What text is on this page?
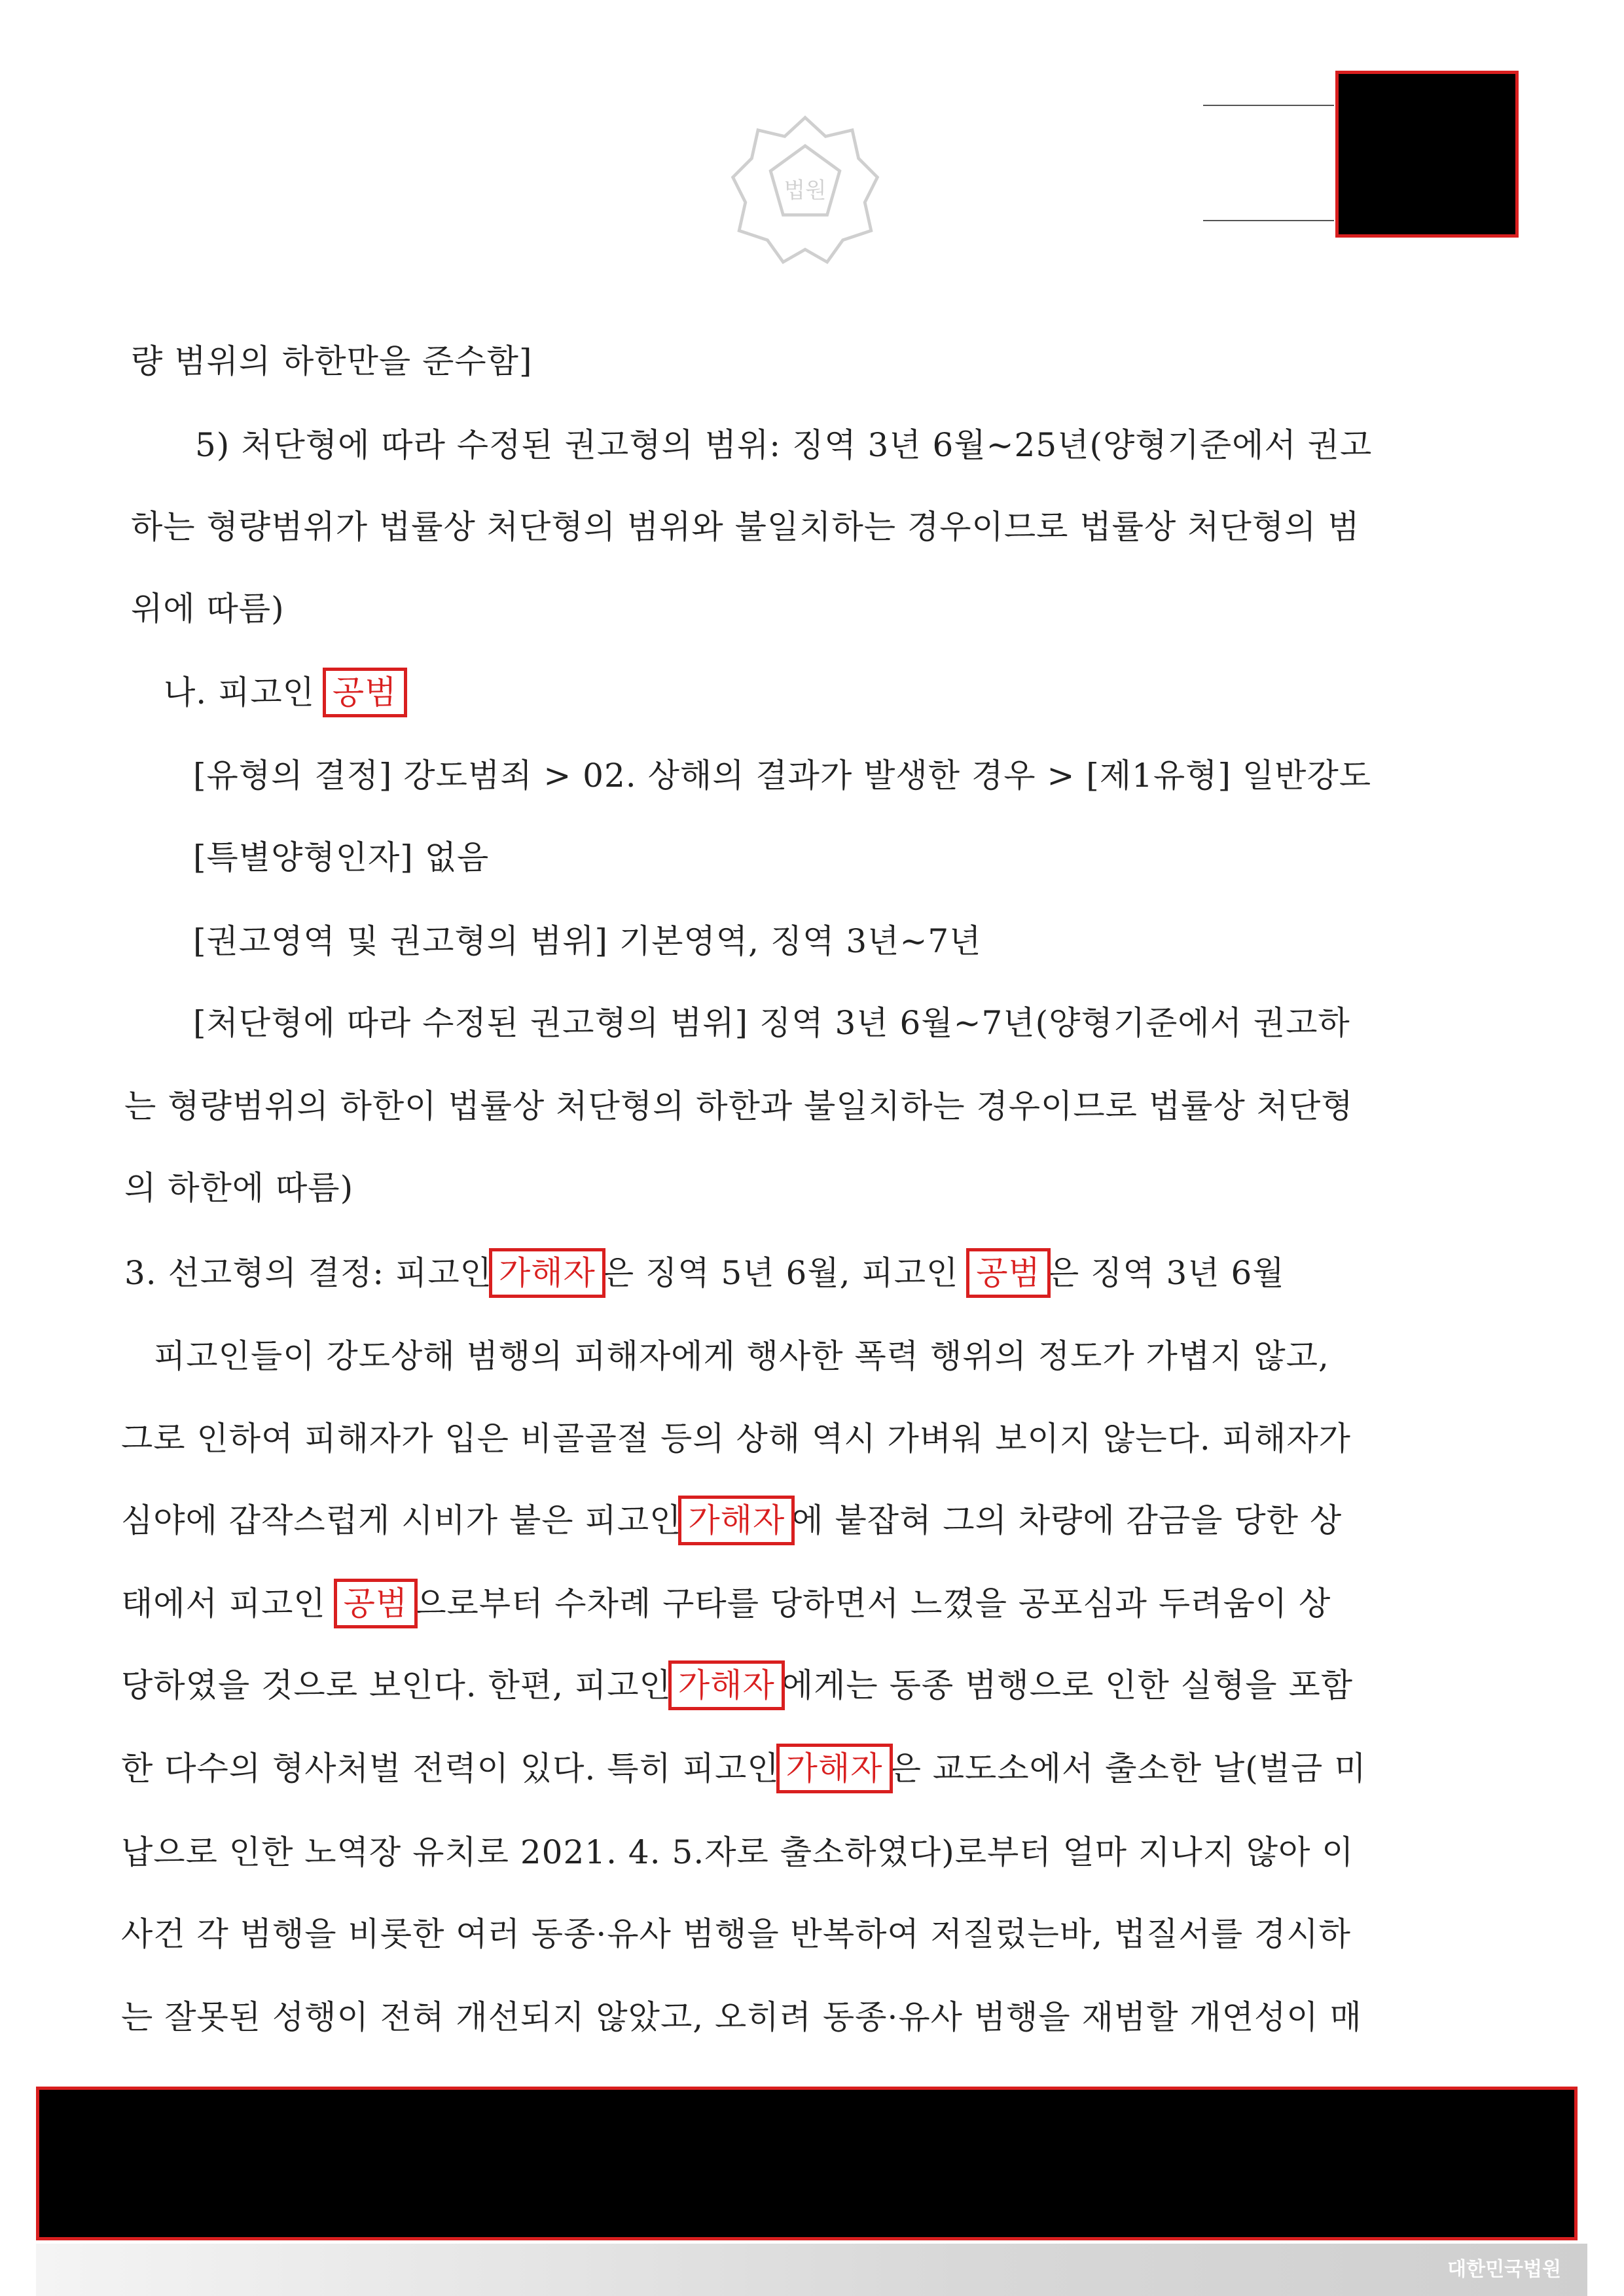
법원
량 범위의 하한만을 준수함]
5) 처단형에 따라 수정된 권고형의 범위: 징역 3년 6월~25년(양형기준에서 권고
하는 형량범위가 법률상 처단형의 범위와 불일치하는 경우이므로 법률상 처단형의 범
위에 따름)
나. 피고인 공범
[유형의 결정] 강도범죄 > 02. 상해의 결과가 발생한 경우 > [제1유형] 일반강도
[특별양형인자] 없음
[권고영역 및 권고형의 범위] 기본영역, 징역 3년~7년
[처단형에 따라 수정된 권고형의 범위] 징역 3년 6월~7년(양형기준에서 권고하
는 형량범위의 하한이 법률상 처단형의 하한과 불일치하는 경우이므로 법률상 처단형
의 하한에 따름)
3. 선고형의 결정: 피고인 가해자 은 징역 5년 6월, 피고인 공범 은 징역 3년 6월
피고인들이 강도상해 범행의 피해자에게 행사한 폭력 행위의 정도가 가볍지 않고,
그로 인하여 피해자가 입은 비골골절 등의 상해 역시 가벼워 보이지 않는다. 피해자가
심야에 갑작스럽게 시비가 붙은 피고인 가해자 에 붙잡혀 그의 차량에 감금을 당한 상
태에서 피고인 공범 으로부터 수차례 구타를 당하면서 느꼈을 공포심과 두려움이 상
당하였을 것으로 보인다. 한편, 피고인 가해자 에게는 동종 범행으로 인한 실형을 포함
한 다수의 형사처벌 전력이 있다. 특히 피고인 가해자 은 교도소에서 출소한 날(벌금 미
납으로 인한 노역장 유치로 2021. 4. 5.자로 출소하였다)로부터 얼마 지나지 않아 이
사건 각 범행을 비롯한 여러 동종·유사 범행을 반복하여 저질렀는바, 법질서를 경시하
는 잘못된 성행이 전혀 개선되지 않았고, 오히려 동종·유사 범행을 재범할 개연성이 매
대한민국법원
